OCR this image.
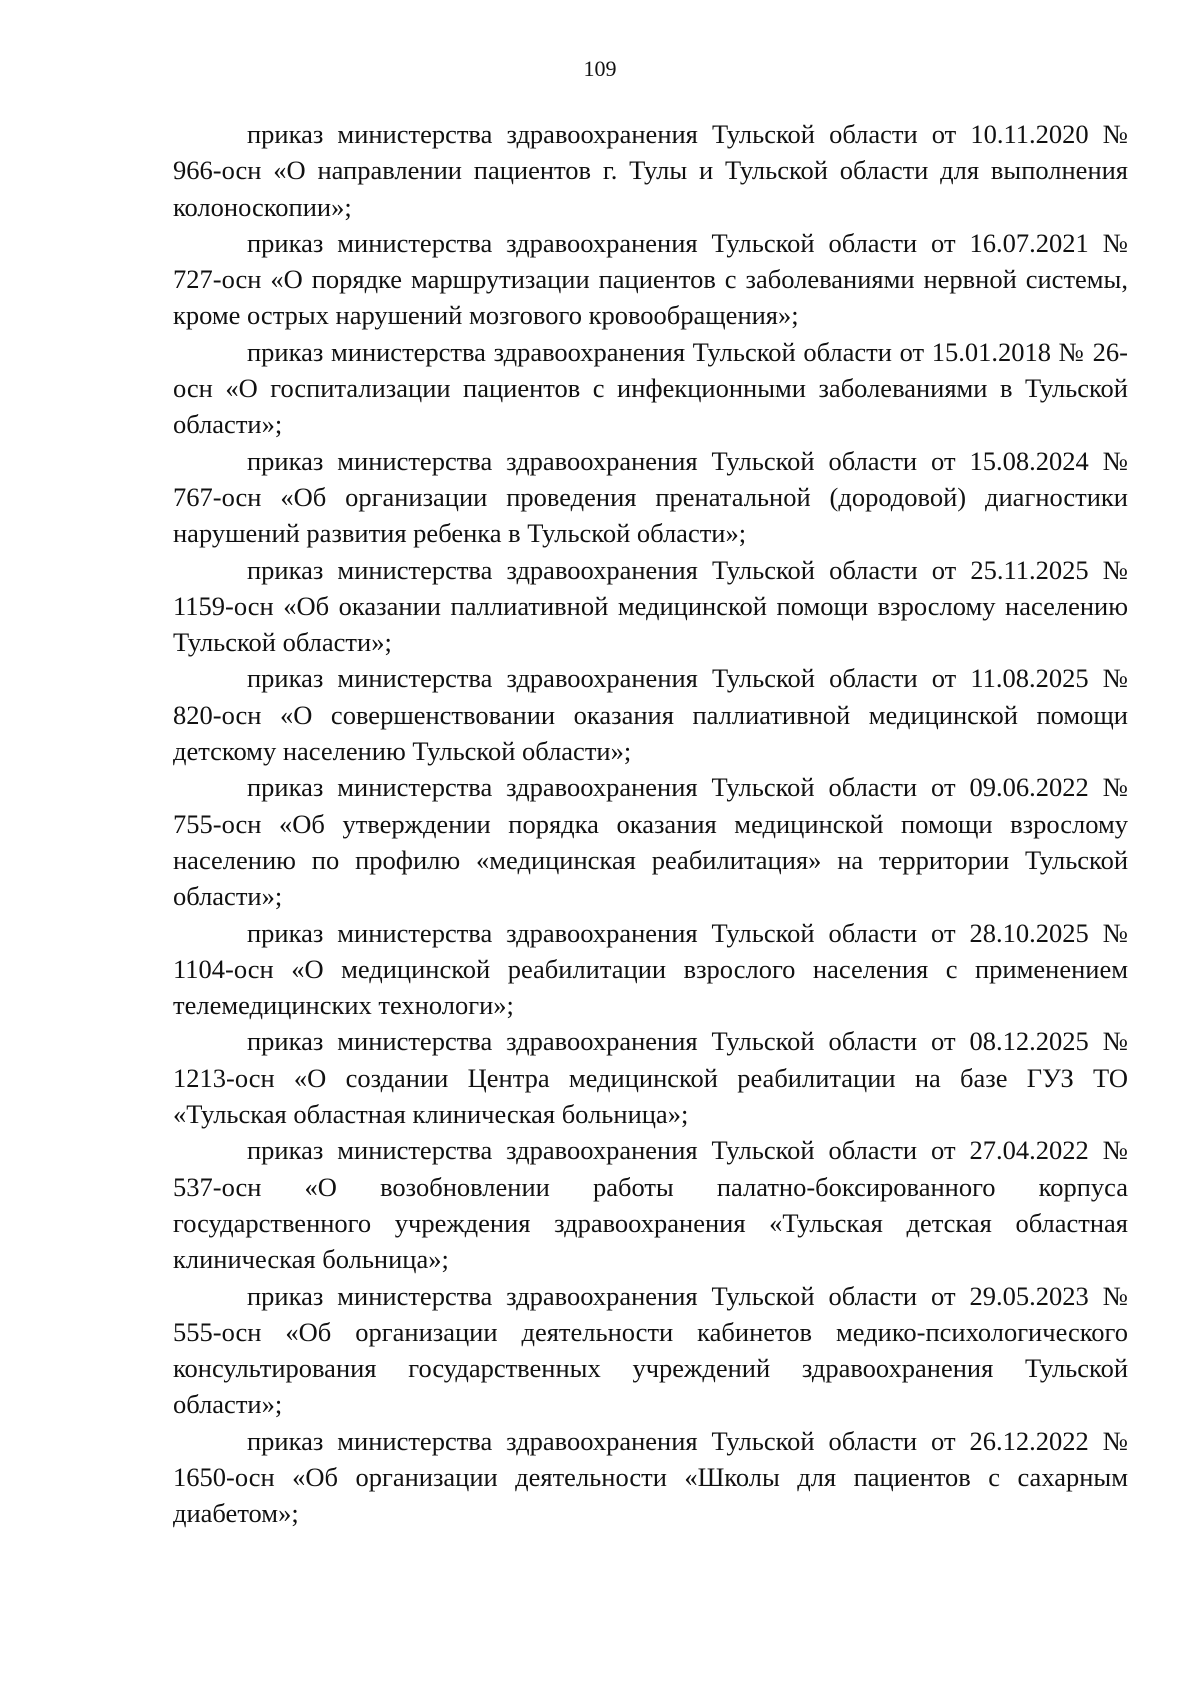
109

приказ министерства здравоохранения Тульской области от 10.11.2020 № 966-осн «О направлении пациентов г. Тулы и Тульской области для выполнения колоноскопии»;

приказ министерства здравоохранения Тульской области от 16.07.2021 № 727-осн «О порядке маршрутизации пациентов с заболеваниями нервной системы, кроме острых нарушений мозгового кровообращения»;

приказ министерства здравоохранения Тульской области от 15.01.2018 № 26-осн «О госпитализации пациентов с инфекционными заболеваниями в Тульской области»;

приказ министерства здравоохранения Тульской области от 15.08.2024 № 767-осн «Об организации проведения пренатальной (дородовой) диагностики нарушений развития ребенка в Тульской области»;

приказ министерства здравоохранения Тульской области от 25.11.2025 № 1159-осн «Об оказании паллиативной медицинской помощи взрослому населению Тульской области»;

приказ министерства здравоохранения Тульской области от 11.08.2025 № 820-осн «О совершенствовании оказания паллиативной медицинской помощи детскому населению Тульской области»;

приказ министерства здравоохранения Тульской области от 09.06.2022 № 755-осн «Об утверждении порядка оказания медицинской помощи взрослому населению по профилю «медицинская реабилитация» на территории Тульской области»;

приказ министерства здравоохранения Тульской области от 28.10.2025 № 1104-осн «О медицинской реабилитации взрослого населения с применением телемедицинских технологи»;

приказ министерства здравоохранения Тульской области от 08.12.2025 № 1213-осн «О создании Центра медицинской реабилитации на базе ГУЗ ТО «Тульская областная клиническая больница»;

приказ министерства здравоохранения Тульской области от 27.04.2022 № 537-осн «О возобновлении работы палатно-боксированного корпуса государственного учреждения здравоохранения «Тульская детская областная клиническая больница»;

приказ министерства здравоохранения Тульской области от 29.05.2023 № 555-осн «Об организации деятельности кабинетов медико-психологического консультирования государственных учреждений здравоохранения Тульской области»;

приказ министерства здравоохранения Тульской области от 26.12.2022 № 1650-осн «Об организации деятельности «Школы для пациентов с сахарным диабетом»;
